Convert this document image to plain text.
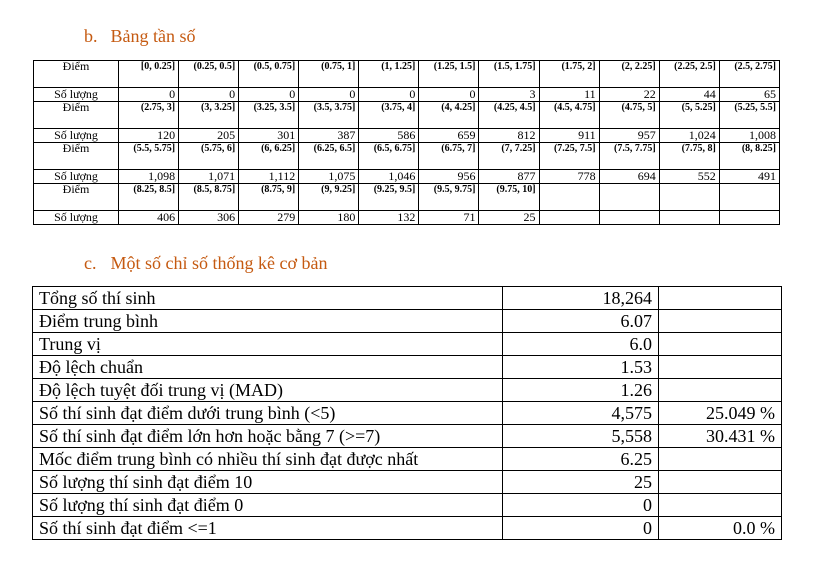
b. Bảng tần số
Điểm	[0, 0.25]	(0.25, 0.5]	(0.5, 0.75]	(0.75, 1]	(1, 1.25]	(1.25, 1.5]	(1.5, 1.75]	(1.75, 2]	(2, 2.25]	(2.25, 2.5]	(2.5, 2.75]
Số lượng	0	0	0	0	0	0	3	11	22	44	65
Điểm	(2.75, 3]	(3, 3.25]	(3.25, 3.5]	(3.5, 3.75]	(3.75, 4]	(4, 4.25]	(4.25, 4.5]	(4.5, 4.75]	(4.75, 5]	(5, 5.25]	(5.25, 5.5]
Số lượng	120	205	301	387	586	659	812	911	957	1,024	1,008
Điểm	(5.5, 5.75]	(5.75, 6]	(6, 6.25]	(6.25, 6.5]	(6.5, 6.75]	(6.75, 7]	(7, 7.25]	(7.25, 7.5]	(7.5, 7.75]	(7.75, 8]	(8, 8.25]
Số lượng	1,098	1,071	1,112	1,075	1,046	956	877	778	694	552	491
Điểm	(8.25, 8.5]	(8.5, 8.75]	(8.75, 9]	(9, 9.25]	(9.25, 9.5]	(9.5, 9.75]	(9.75, 10]				
Số lượng	406	306	279	180	132	71	25				
c. Một số chỉ số thống kê cơ bản
Tổng số thí sinh	18,264	
Điểm trung bình	6.07	
Trung vị	6.0	
Độ lệch chuẩn	1.53	
Độ lệch tuyệt đối trung vị (MAD)	1.26	
Số thí sinh đạt điểm dưới trung bình (<5)	4,575	25.049 %
Số thí sinh đạt điểm lớn hơn hoặc bằng 7 (>=7)	5,558	30.431 %
Mốc điểm trung bình có nhiều thí sinh đạt được nhất	6.25	
Số lượng thí sinh đạt điểm 10	25	
Số lượng thí sinh đạt điểm 0	0	
Số thí sinh đạt điểm <=1	0	0.0 %
